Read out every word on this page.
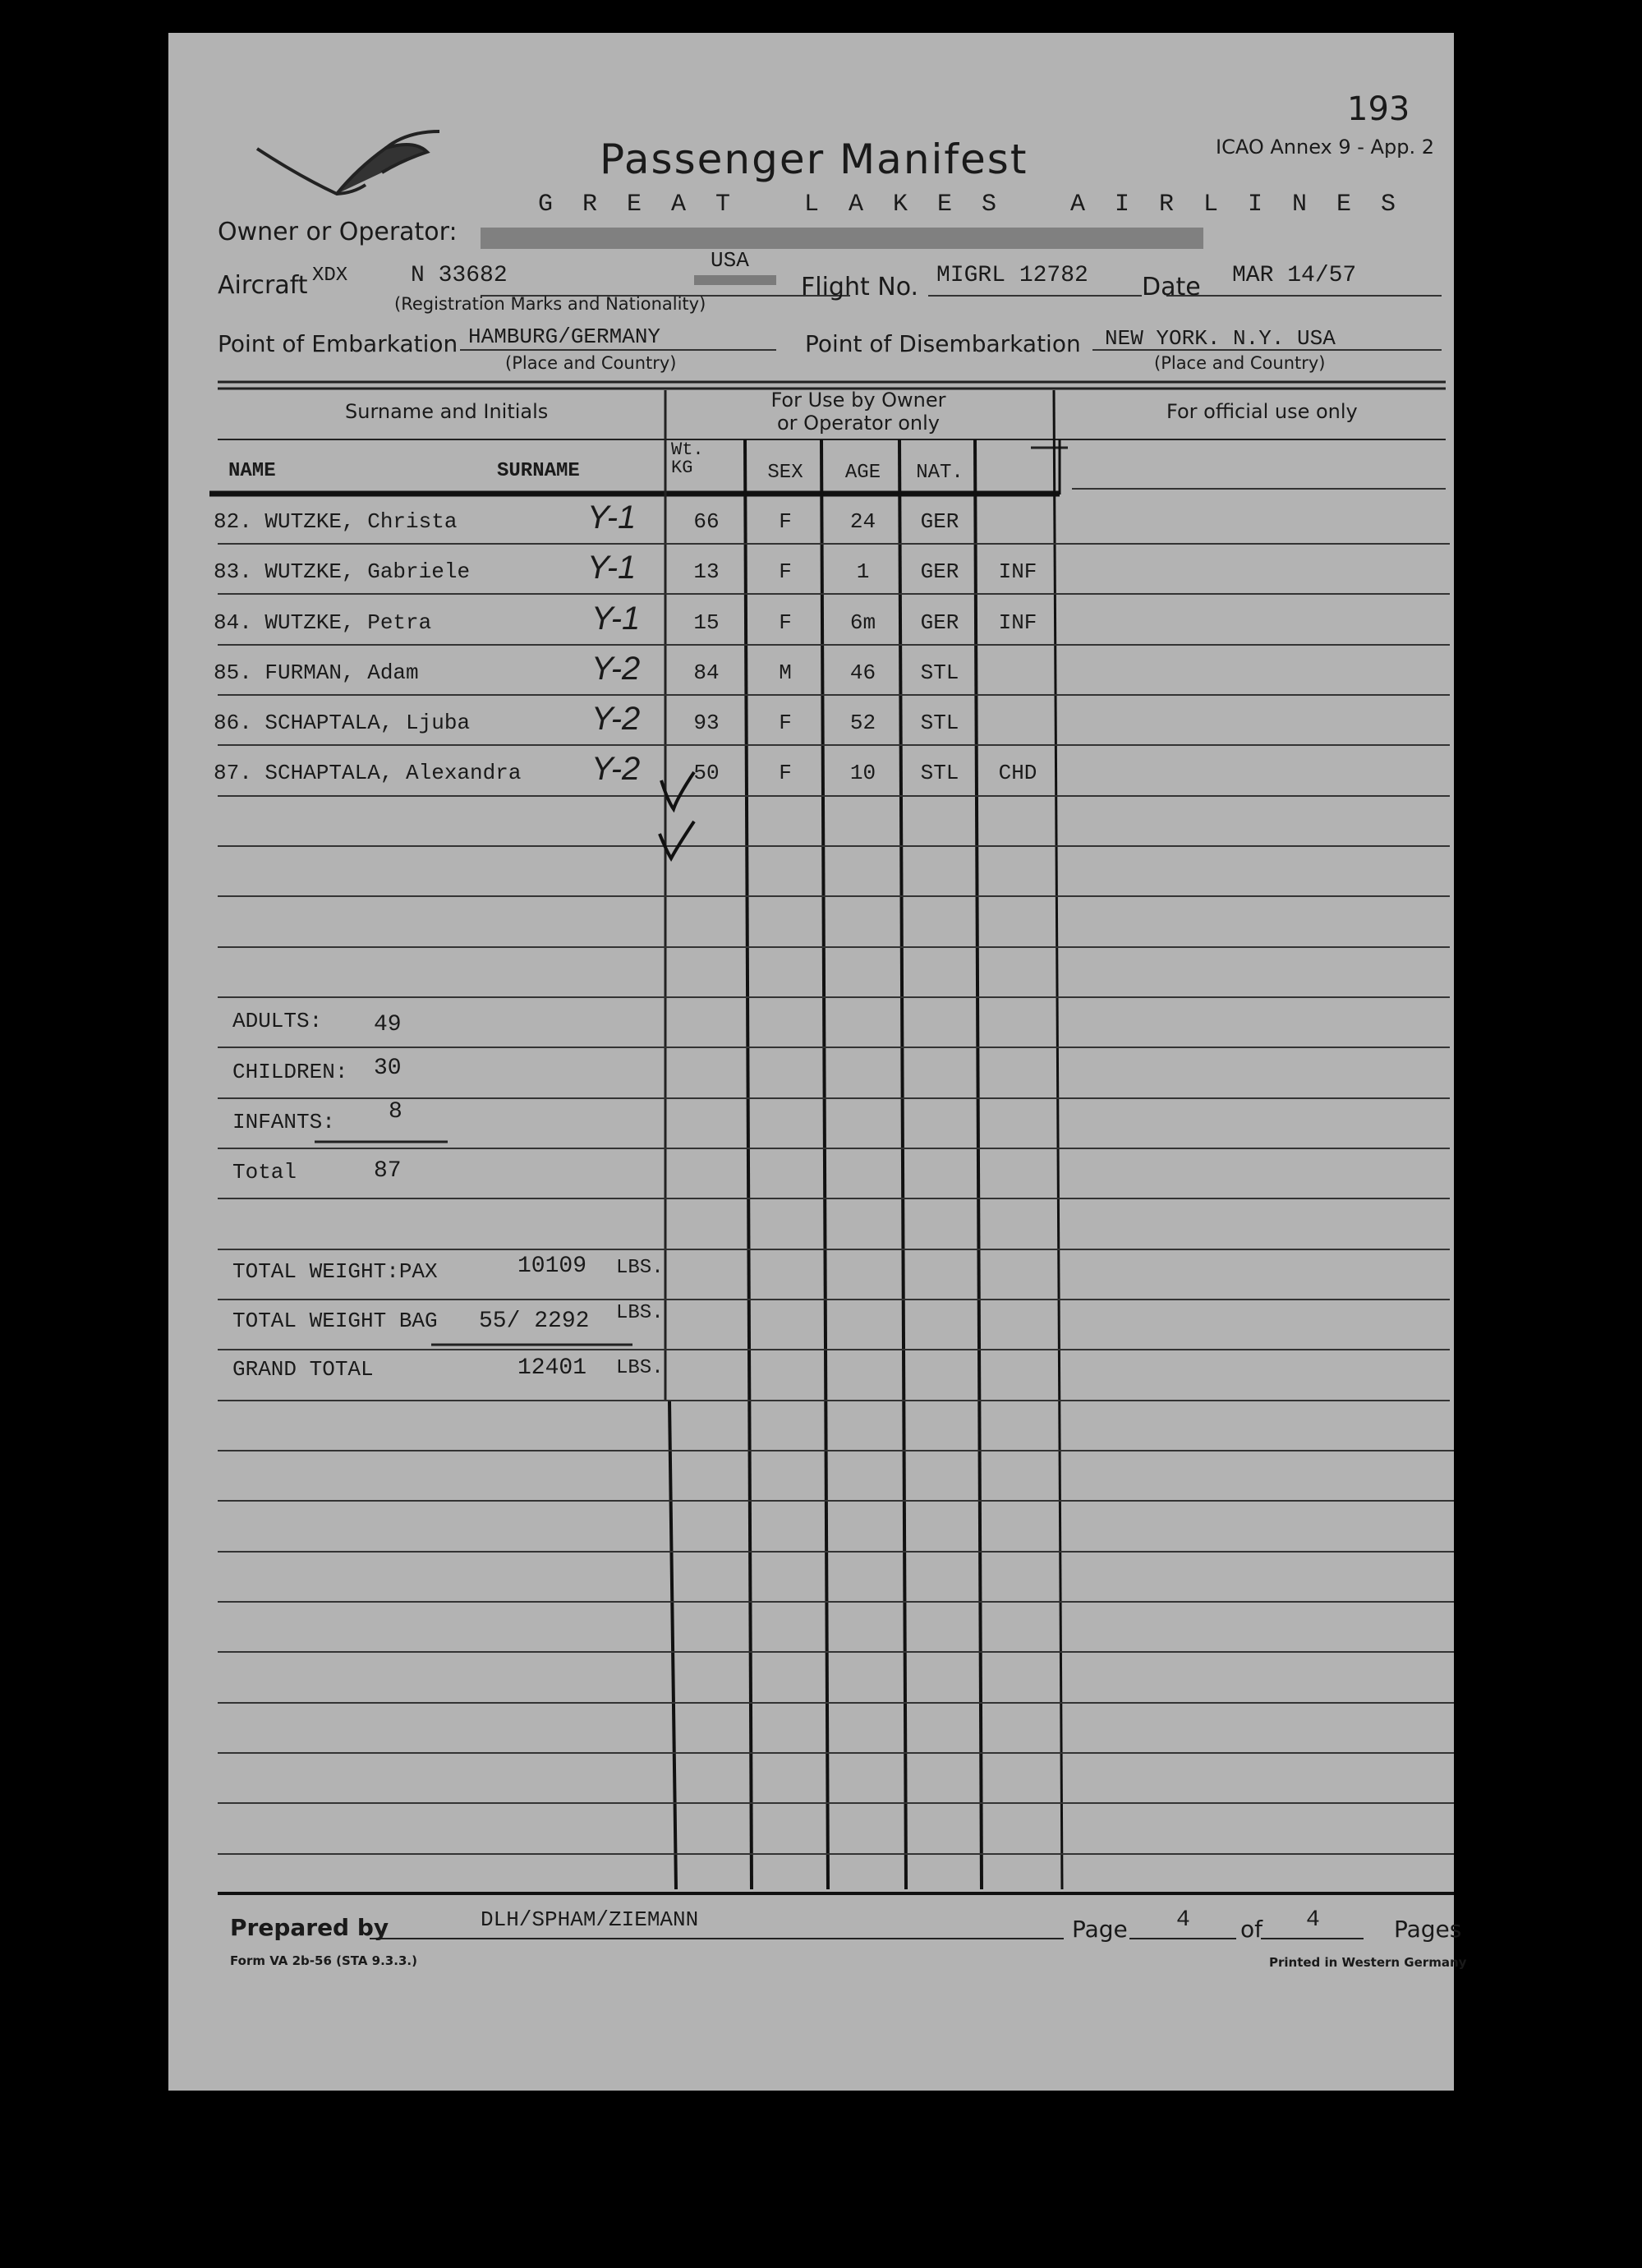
193
ICAO Annex 9 - App. 2
Passenger Manifest
GREAT LAKES AIRLINES
Owner or Operator:
Aircraft XDX	N 33682
USA
(Registration Marks and Nationality)
Flight No. MIGRL 12782 Date MAR 14/57
Point of Embarkation HAMBURG/GERMANY
(Place and Country)
Point of Disembarkation NEW YORK. N.Y. USA
(Place and Country)
Surname and Initials	For Use by Owner
or Operator only	For official use only
NAME	SURNAME
Wt.
KG	SEX	AGE	NAT.
82. WUTZKE, Christa	Y-1	66	F	24	GER
83. WUTZKE, Gabriele	Y-1	13	F	1	GER	INF
84. WUTZKE, Petra	Y-1	15	F	6m	GER	INF
85. FURMAN, Adam	Y-2	84	M	46	STL
86. SCHAPTALA, Ljuba	Y-2	93	F	52	STL
87. SCHAPTALA, Alexandra Y-2	50	F	10	STL	CHD
ADULTS: 49
CHILDREN: 30
INFANTS: 8
Total	87
TOTAL WEIGHT:PAX	10109 LBS.
TOTAL WEIGHT BAG 55/ 2292 LBS.
GRAND TOTAL	12401 LBS.
Prepared by	DLH/SPHAM/ZIEMANN	Page 4 of 4	Pages
Form VA 2b-56 (STA 9.3.3.)	Printed in Western Germany
